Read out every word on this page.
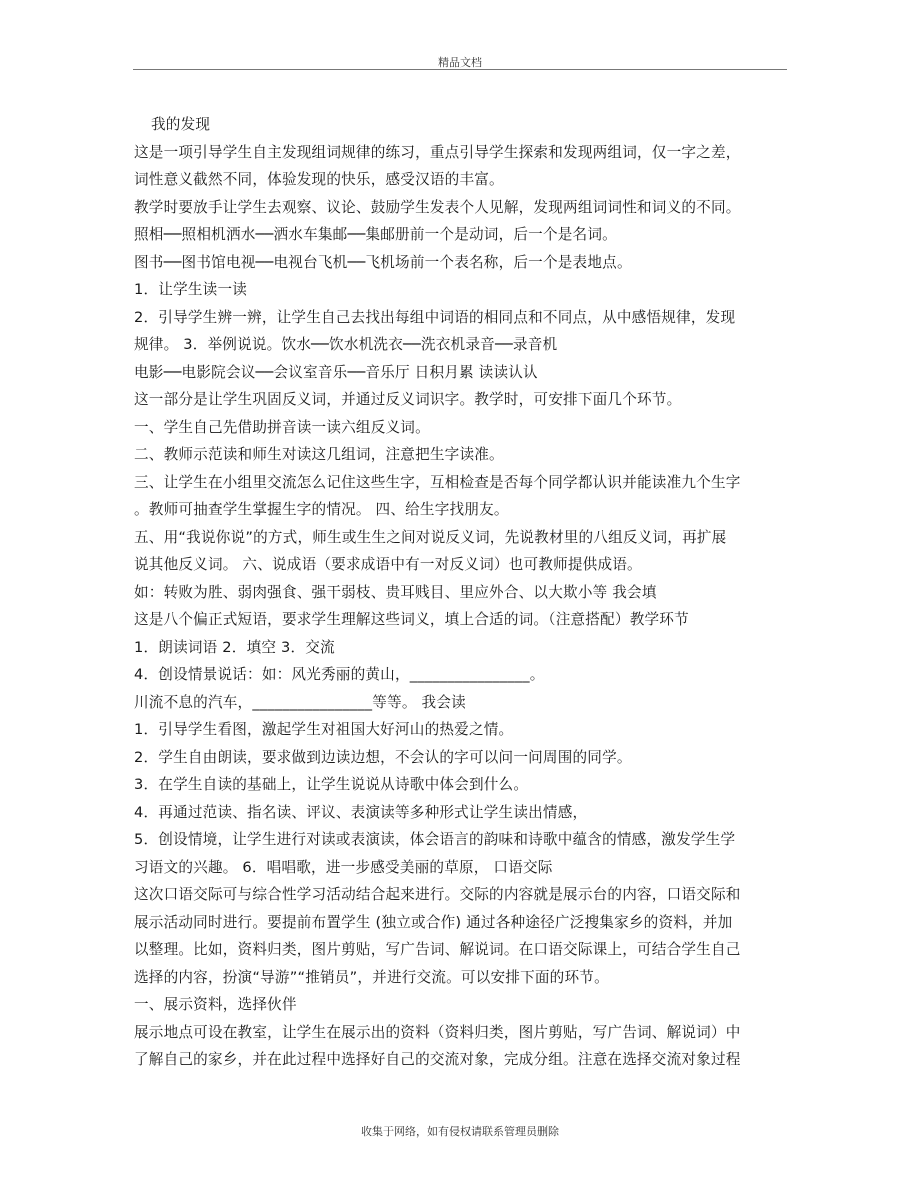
精品文档
我的发现
这是一项引导学生自主发现组词规律的练习，重点引导学生探索和发现两组词，仅一字之差，
词性意义截然不同，体验发现的快乐，感受汉语的丰富。
教学时要放手让学生去观察、议论、鼓励学生发表个人见解，发现两组词词性和词义的不同。
照相──照相机洒水──洒水车集邮──集邮册前一个是动词，后一个是名词。
图书──图书馆电视──电视台飞机──飞机场前一个表名称，后一个是表地点。
1．让学生读一读
2．引导学生辨一辨，让学生自己去找出每组中词语的相同点和不同点，从中感悟规律，发现
规律。 3．举例说说。饮水──饮水机洗衣──洗衣机录音──录音机
电影──电影院会议──会议室音乐──音乐厅 日积月累 读读认认
这一部分是让学生巩固反义词，并通过反义词识字。教学时，可安排下面几个环节。
一、学生自己先借助拼音读一读六组反义词。
二、教师示范读和师生对读这几组词，注意把生字读准。
三、让学生在小组里交流怎么记住这些生字，互相检查是否每个同学都认识并能读准九个生字
。教师可抽查学生掌握生字的情况。 四、给生字找朋友。
五、用“我说你说”的方式，师生或生生之间对说反义词，先说教材里的八组反义词，再扩展
说其他反义词。 六、说成语（要求成语中有一对反义词）也可教师提供成语。
如：转败为胜、弱肉强食、强干弱枝、贵耳贱目、里应外合、以大欺小等 我会填
这是八个偏正式短语，要求学生理解这些词义，填上合适的词。（注意搭配）教学环节
1．朗读词语 2．填空 3．交流
4．创设情景说话：如：风光秀丽的黄山，________________。
川流不息的汽车，________________等等。 我会读
1．引导学生看图，激起学生对祖国大好河山的热爱之情。
2．学生自由朗读，要求做到边读边想，不会认的字可以问一问周围的同学。
3．在学生自读的基础上，让学生说说从诗歌中体会到什么。
4．再通过范读、指名读、评议、表演读等多种形式让学生读出情感，
5．创设情境，让学生进行对读或表演读，体会语言的韵味和诗歌中蕴含的情感，激发学生学
习语文的兴趣。 6．唱唱歌，进一步感受美丽的草原， 口语交际
这次口语交际可与综合性学习活动结合起来进行。交际的内容就是展示台的内容，口语交际和
展示活动同时进行。要提前布置学生 (独立或合作) 通过各种途径广泛搜集家乡的资料，并加
以整理。比如，资料归类，图片剪贴，写广告词、解说词。在口语交际课上，可结合学生自己
选择的内容，扮演“导游”“推销员”，并进行交流。可以安排下面的环节。
一、展示资料，选择伙伴
展示地点可设在教室，让学生在展示出的资料（资料归类，图片剪贴，写广告词、解说词）中
了解自己的家乡，并在此过程中选择好自己的交流对象，完成分组。注意在选择交流对象过程
收集于网络，如有侵权请联系管理员删除
